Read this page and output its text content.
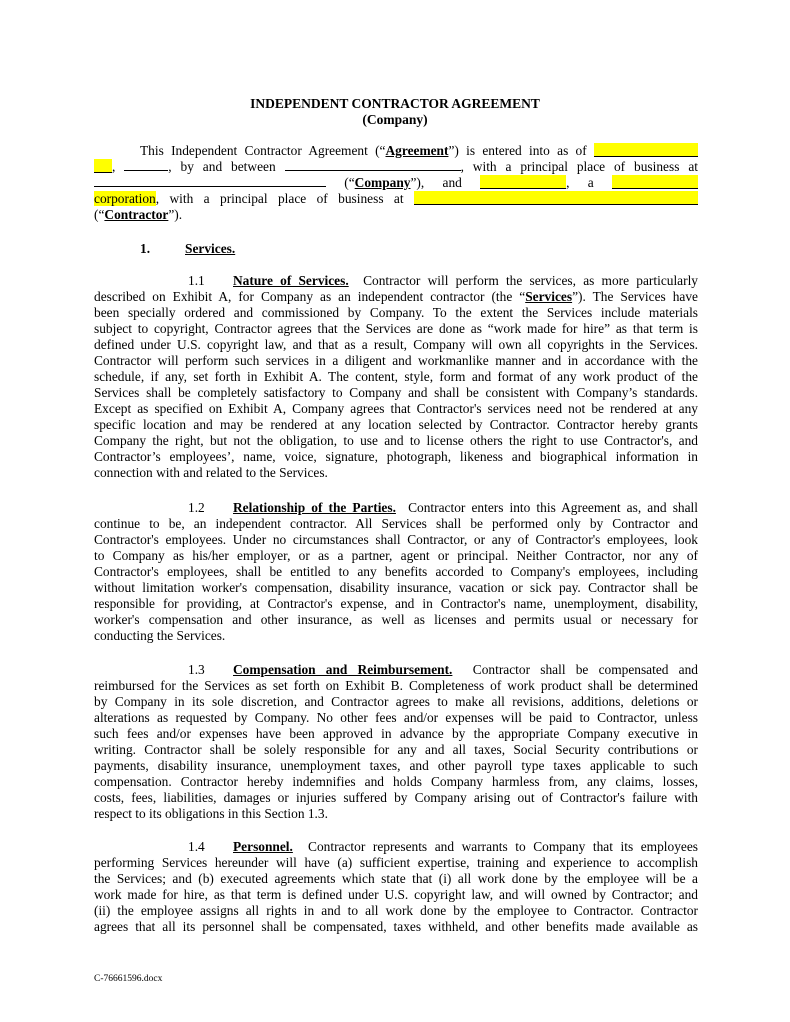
INDEPENDENT CONTRACTOR AGREEMENT
(Company)
This Independent Contractor Agreement (“Agreement”) is entered into as of
,	, by and between	, with a principal place of business at
(“Company”), and	, a
corporation, with a principal place of business at
(“Contractor”).
1.	Services.
1.1 Nature of Services. Contractor will perform the services, as more particularly
described on Exhibit A, for Company as an independent contractor (the “Services”). The Services have
been specially ordered and commissioned by Company. To the extent the Services include materials
subject to copyright, Contractor agrees that the Services are done as “work made for hire” as that term is
defined under U.S. copyright law, and that as a result, Company will own all copyrights in the Services.
Contractor will perform such services in a diligent and workmanlike manner and in accordance with the
schedule, if any, set forth in Exhibit A. The content, style, form and format of any work product of the
Services shall be completely satisfactory to Company and shall be consistent with Company’s standards.
Except as specified on Exhibit A, Company agrees that Contractor's services need not be rendered at any
specific location and may be rendered at any location selected by Contractor. Contractor hereby grants
Company the right, but not the obligation, to use and to license others the right to use Contractor's, and
Contractor’s employees’, name, voice, signature, photograph, likeness and biographical information in
connection with and related to the Services.
1.2 Relationship of the Parties. Contractor enters into this Agreement as, and shall
continue to be, an independent contractor. All Services shall be performed only by Contractor and
Contractor's employees. Under no circumstances shall Contractor, or any of Contractor's employees, look
to Company as his/her employer, or as a partner, agent or principal. Neither Contractor, nor any of
Contractor's employees, shall be entitled to any benefits accorded to Company's employees, including
without limitation worker's compensation, disability insurance, vacation or sick pay. Contractor shall be
responsible for providing, at Contractor's expense, and in Contractor's name, unemployment, disability,
worker's compensation and other insurance, as well as licenses and permits usual or necessary for
conducting the Services.
1.3 Compensation and Reimbursement. Contractor shall be compensated and
reimbursed for the Services as set forth on Exhibit B. Completeness of work product shall be determined
by Company in its sole discretion, and Contractor agrees to make all revisions, additions, deletions or
alterations as requested by Company. No other fees and/or expenses will be paid to Contractor, unless
such fees and/or expenses have been approved in advance by the appropriate Company executive in
writing. Contractor shall be solely responsible for any and all taxes, Social Security contributions or
payments, disability insurance, unemployment taxes, and other payroll type taxes applicable to such
compensation. Contractor hereby indemnifies and holds Company harmless from, any claims, losses,
costs, fees, liabilities, damages or injuries suffered by Company arising out of Contractor's failure with
respect to its obligations in this Section 1.3.
1.4 Personnel. Contractor represents and warrants to Company that its employees
performing Services hereunder will have (a) sufficient expertise, training and experience to accomplish
the Services; and (b) executed agreements which state that (i) all work done by the employee will be a
work made for hire, as that term is defined under U.S. copyright law, and will owned by Contractor; and
(ii) the employee assigns all rights in and to all work done by the employee to Contractor. Contractor
agrees that all its personnel shall be compensated, taxes withheld, and other benefits made available as
C-76661596.docx
